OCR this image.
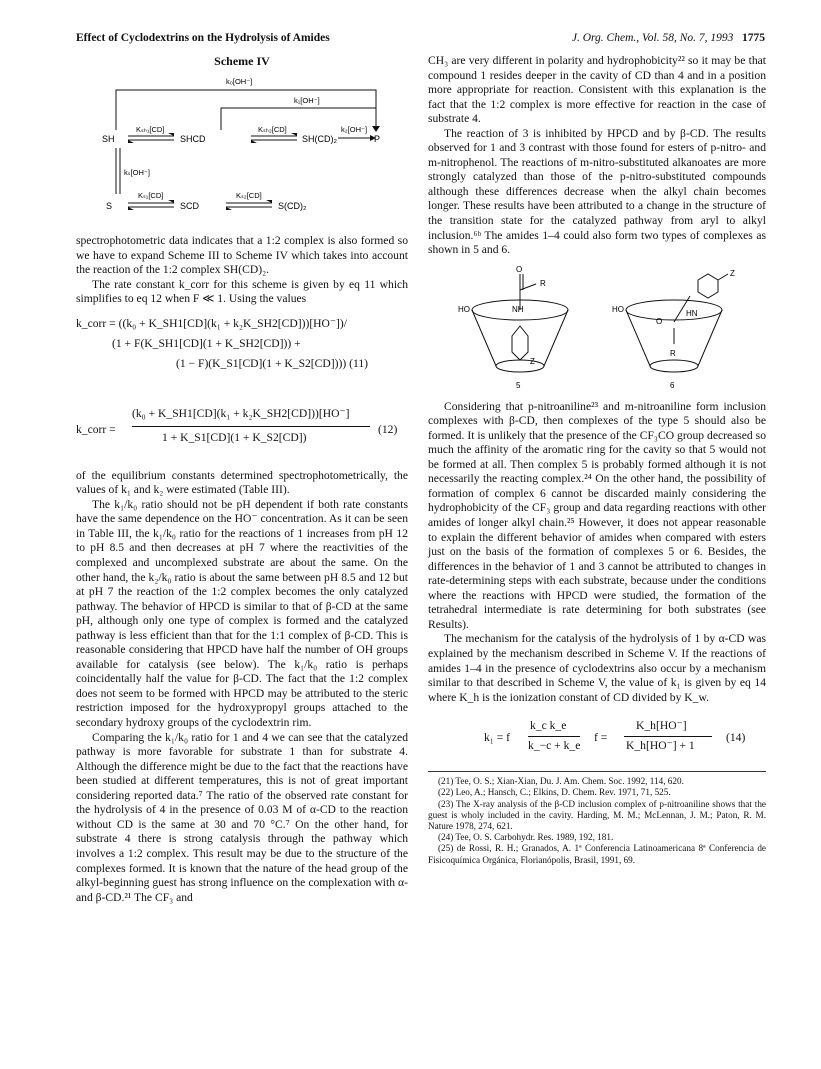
Effect of Cyclodextrins on the Hydrolysis of Amides	J. Org. Chem., Vol. 58, No. 7, 1993 1775
Scheme IV
k₀[OH⁻]
k₁[OH⁻]
Kₛₕ₁[CD]	Kₛₕ₂[CD]	k₂[OH⁻]
kₛ[OH⁻]
Kₛ₁[CD]	Kₛ₂[CD]
SH	SHCD	SH(CD)₂	P
S	SCD	S(CD)₂

spectrophotometric data indicates that a 1:2 complex is also formed so we have to expand Scheme III to Scheme IV which takes into account the reaction of the 1:2 complex SH(CD)₂.

The rate constant k_corr for this scheme is given by eq 11 which simplifies to eq 12 when F ≪ 1. Using the values

k_corr = ((k₀ + K_SH1[CD](k₁ + k₂K_SH2[CD]))[HO⁻])/
(1 + F(K_SH1[CD](1 + K_SH2[CD])) +
(1 − F)(K_S1[CD](1 + K_S2[CD]))) (11)
k_corr =
(k₀ + K_SH1[CD](k₁ + k₂K_SH2[CD]))[HO⁻]
1 + K_S1[CD](1 + K_S2[CD])
(12)

of the equilibrium constants determined spectrophotometrically, the values of k₁ and k₂ were estimated (Table III).

The k₁/k₀ ratio should not be pH dependent if both rate constants have the same dependence on the HO⁻ concentration. As it can be seen in Table III, the k₁/k₀ ratio for the reactions of 1 increases from pH 12 to pH 8.5 and then decreases at pH 7 where the reactivities of the complexed and uncomplexed substrate are about the same. On the other hand, the k₂/k₀ ratio is about the same between pH 8.5 and 12 but at pH 7 the reaction of the 1:2 complex becomes the only catalyzed pathway. The behavior of HPCD is similar to that of β-CD at the same pH, although only one type of complex is formed and the catalyzed pathway is less efficient than that for the 1:1 complex of β-CD. This is reasonable considering that HPCD have half the number of OH groups available for catalysis (see below). The k₁/k₀ ratio is perhaps coincidentally half the value for β-CD. The fact that the 1:2 complex does not seem to be formed with HPCD may be attributed to the steric restriction imposed for the hydroxypropyl groups attached to the secondary hydroxy groups of the cyclodextrin rim.

Comparing the k₁/k₀ ratio for 1 and 4 we can see that the catalyzed pathway is more favorable for substrate 1 than for substrate 4. Although the difference might be due to the fact that the reactions have been studied at different temperatures, this is not of great important considering reported data.⁷ The ratio of the observed rate constant for the hydrolysis of 4 in the presence of 0.03 M of α-CD to the reaction without CD is the same at 30 and 70 °C.⁷ On the other hand, for substrate 4 there is strong catalysis through the pathway which involves a 1:2 complex. This result may be due to the structure of the complexes formed. It is known that the nature of the head group of the alkyl-beginning guest has strong influence on the complexation with α- and β-CD.²¹ The CF₃ and

CH₃ are very different in polarity and hydrophobicity²² so it may be that compound 1 resides deeper in the cavity of CD than 4 and in a position more appropriate for reaction. Consistent with this explanation is the fact that the 1:2 complex is more effective for reaction in the case of substrate 4.

The reaction of 3 is inhibited by HPCD and by β-CD. The results observed for 1 and 3 contrast with those found for esters of p-nitro- and m-nitrophenol. The reactions of m-nitro-substituted alkanoates are more strongly catalyzed than those of the p-nitro-substituted compounds although these differences decrease when the alkyl chain becomes longer. These results have been attributed to a change in the structure of the transition state for the catalyzed pathway from aryl to alkyl inclusion.⁶ᵇ The amides 1–4 could also form two types of complexes as shown in 5 and 6.

HO	NH
O
R
Z
HO	HN
O
R
Z
5	6

Considering that p-nitroaniline²³ and m-nitroaniline form inclusion complexes with β-CD, then complexes of the type 5 should also be formed. It is unlikely that the presence of the CF₃CO group decreased so much the affinity of the aromatic ring for the cavity so that 5 would not be formed at all. Then complex 5 is probably formed although it is not necessarily the reacting complex.²⁴ On the other hand, the possibility of formation of complex 6 cannot be discarded mainly considering the hydrophobicity of the CF₃ group and data regarding reactions with other amides of longer alkyl chain.²⁵ However, it does not appear reasonable to explain the different behavior of amides when compared with esters just on the basis of the formation of complexes 5 or 6. Besides, the differences in the behavior of 1 and 3 cannot be attributed to changes in rate-determining steps with each substrate, because under the conditions where the reactions with HPCD were studied, the formation of the tetrahedral intermediate is rate determining for both substrates (see Results).

The mechanism for the catalysis of the hydrolysis of 1 by α-CD was explained by the mechanism described in Scheme V. If the reactions of amides 1–4 in the presence of cyclodextrins also occur by a mechanism similar to that described in Scheme V, the value of k₁ is given by eq 14 where K_h is the ionization constant of CD divided by K_w.

k₁ = f
k_c k_e
k_−c + k_e
f =
K_h[HO⁻]
K_h[HO⁻] + 1
(14)

(21) Tee, O. S.; Xian-Xian, Du. J. Am. Chem. Soc. 1992, 114, 620.

(22) Leo, A.; Hansch, C.; Elkins, D. Chem. Rev. 1971, 71, 525.

(23) The X-ray analysis of the β-CD inclusion complex of p-nitroaniline shows that the guest is wholy included in the cavity. Harding, M. M.; McLennan, J. M.; Paton, R. M. Nature 1978, 274, 621.

(24) Tee, O. S. Carbohydr. Res. 1989, 192, 181.

(25) de Rossi, R. H.; Granados, A. 1ª Conferencia Latinoamericana 8ª Conferencia de Fisicoquímica Orgánica, Florianópolis, Brasil, 1991, 69.
